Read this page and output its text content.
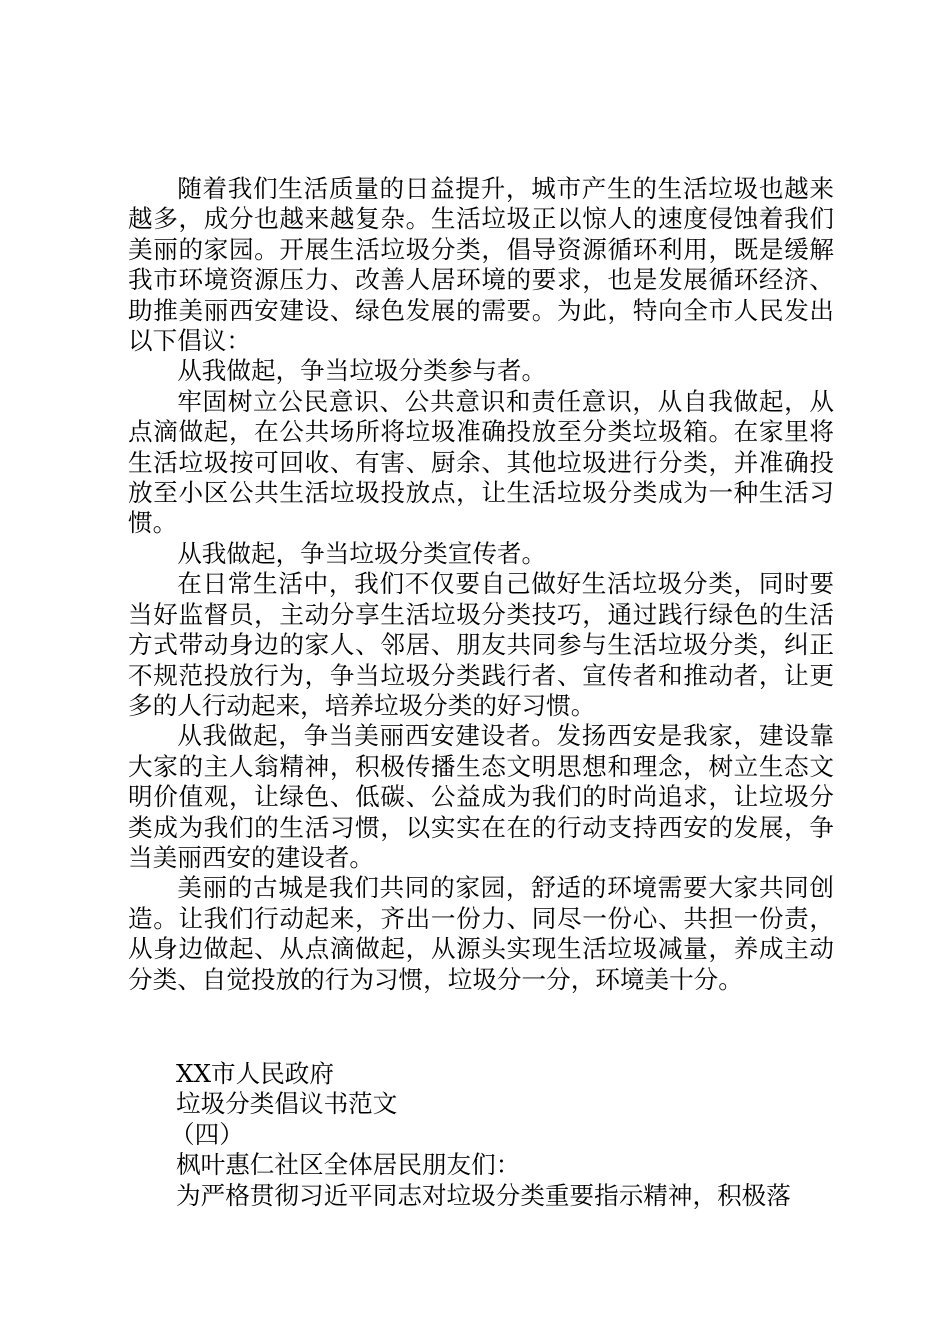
随着我们生活质量的日益提升，城市产生的生活垃圾也越来越多，成分也越来越复杂。生活垃圾正以惊人的速度侵蚀着我们美丽的家园。开展生活垃圾分类，倡导资源循环利用，既是缓解我市环境资源压力、改善人居环境的要求，也是发展循环经济、助推美丽西安建设、绿色发展的需要。为此，特向全市人民发出以下倡议：

从我做起，争当垃圾分类参与者。

牢固树立公民意识、公共意识和责任意识，从自我做起，从点滴做起，在公共场所将垃圾准确投放至分类垃圾箱。在家里将生活垃圾按可回收、有害、厨余、其他垃圾进行分类，并准确投放至小区公共生活垃圾投放点，让生活垃圾分类成为一种生活习惯。

从我做起，争当垃圾分类宣传者。

在日常生活中，我们不仅要自己做好生活垃圾分类，同时要当好监督员，主动分享生活垃圾分类技巧，通过践行绿色的生活方式带动身边的家人、邻居、朋友共同参与生活垃圾分类，纠正不规范投放行为，争当垃圾分类践行者、宣传者和推动者，让更多的人行动起来，培养垃圾分类的好习惯。

从我做起，争当美丽西安建设者。发扬西安是我家，建设靠大家的主人翁精神，积极传播生态文明思想和理念，树立生态文明价值观，让绿色、低碳、公益成为我们的时尚追求，让垃圾分类成为我们的生活习惯，以实实在在的行动支持西安的发展，争当美丽西安的建设者。

美丽的古城是我们共同的家园，舒适的环境需要大家共同创造。让我们行动起来，齐出一份力、同尽一份心、共担一份责，从身边做起、从点滴做起，从源头实现生活垃圾减量，养成主动分类、自觉投放的行为习惯，垃圾分一分，环境美十分。

XX市人民政府
垃圾分类倡议书范文
（四）
枫叶惠仁社区全体居民朋友们：
为严格贯彻习近平同志对垃圾分类重要指示精神，积极落
